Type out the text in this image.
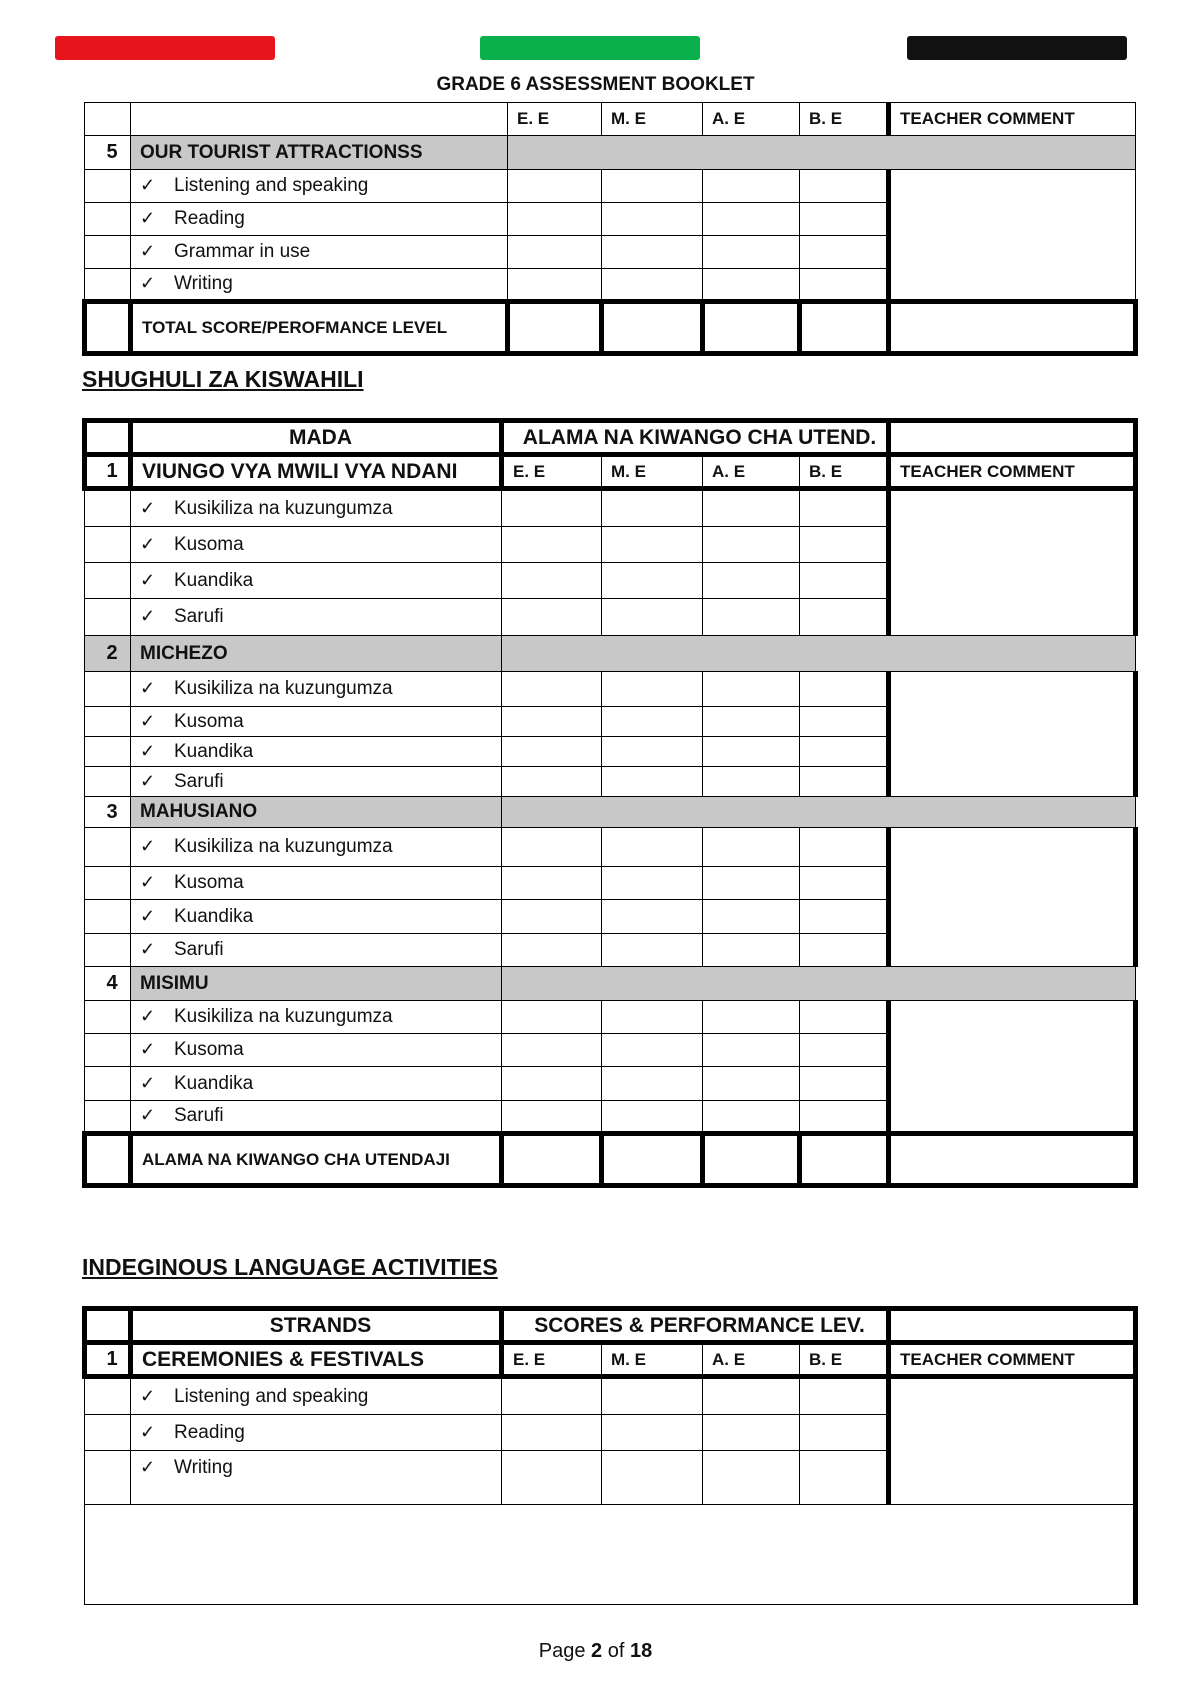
GRADE 6 ASSESSMENT BOOKLET
		E. E	M. E	A. E	B. E	TEACHER COMMENT
5	OUR TOURIST ATTRACTIONSS					
	✓ Listening and speaking					
	✓ Reading					
	✓ Grammar in use					
	✓ Writing					
	TOTAL SCORE/PEROFMANCE LEVEL					
SHUGHULI ZA KISWAHILI
	MADA	ALAMA NA KIWANGO CHA UTEND.				
1	VIUNGO VYA MWILI VYA NDANI	E. E	M. E	A. E	B. E	TEACHER COMMENT
	✓ Kusikiliza na kuzungumza					
	✓ Kusoma					
	✓ Kuandika					
	✓ Sarufi					
2	MICHEZO					
	✓ Kusikiliza na kuzungumza					
	✓ Kusoma					
	✓ Kuandika					
	✓ Sarufi					
3	MAHUSIANO					
	✓ Kusikiliza na kuzungumza					
	✓ Kusoma					
	✓ Kuandika					
	✓ Sarufi					
4	MISIMU					
	✓ Kusikiliza na kuzungumza					
	✓ Kusoma					
	✓ Kuandika					
	✓ Sarufi					
	ALAMA NA KIWANGO CHA UTENDAJI					
INDEGINOUS LANGUAGE ACTIVITIES
	STRANDS	SCORES & PERFORMANCE LEV.				
1	CEREMONIES & FESTIVALS	E. E	M. E	A. E	B. E	TEACHER COMMENT
	✓ Listening and speaking					
	✓ Reading					
	✓ Writing					

Page 2 of 18
